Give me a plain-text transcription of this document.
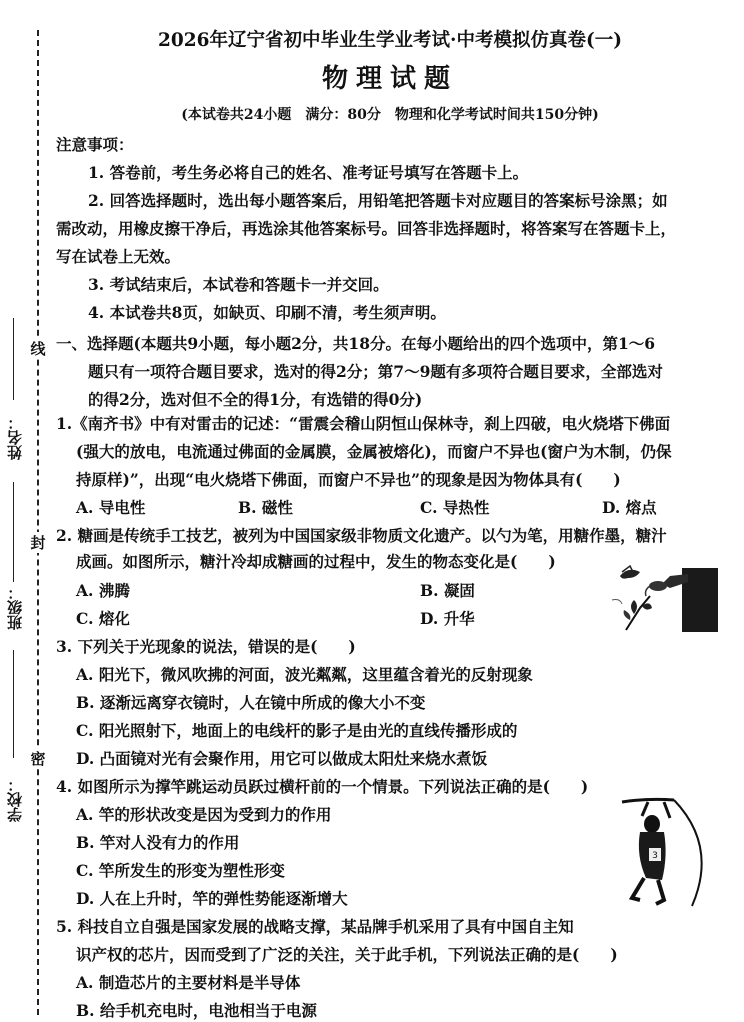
线
封
密
姓名：
班级：
学校：
2026年辽宁省初中毕业生学业考试·中考模拟仿真卷(一)
物理试题
(本试卷共24小题　满分：80分　物理和化学考试时间共150分钟)
注意事项：
1. 答卷前，考生务必将自己的姓名、准考证号填写在答题卡上。
2. 回答选择题时，选出每小题答案后，用铅笔把答题卡对应题目的答案标号涂黑；如
需改动，用橡皮擦干净后，再选涂其他答案标号。回答非选择题时，将答案写在答题卡上，
写在试卷上无效。
3. 考试结束后，本试卷和答题卡一并交回。
4. 本试卷共8页，如缺页、印刷不清，考生须声明。
一、选择题(本题共9小题，每小题2分，共18分。在每小题给出的四个选项中，第1～6
题只有一项符合题目要求，选对的得2分；第7～9题有多项符合题目要求，全部选对
的得2分，选对但不全的得1分，有选错的得0分)
1.《南齐书》中有对雷击的记述：“雷震会稽山阴恒山保林寺，刹上四破，电火烧塔下佛面
(强大的放电，电流通过佛面的金属膜，金属被熔化)，而窗户不异也(窗户为木制，仍保
持原样)”，出现“电火烧塔下佛面，而窗户不异也”的现象是因为物体具有(　　)
A. 导电性	B. 磁性	C. 导热性	D. 熔点
2. 糖画是传统手工技艺，被列为中国国家级非物质文化遗产。以勺为笔，用糖作墨，糖汁
成画。如图所示，糖汁冷却成糖画的过程中，发生的物态变化是(　　)
A. 沸腾	B. 凝固
C. 熔化	D. 升华
3. 下列关于光现象的说法，错误的是(　　)
A. 阳光下，微风吹拂的河面，波光粼粼，这里蕴含着光的反射现象
B. 逐渐远离穿衣镜时，人在镜中所成的像大小不变
C. 阳光照射下，地面上的电线杆的影子是由光的直线传播形成的
D. 凸面镜对光有会聚作用，用它可以做成太阳灶来烧水煮饭
4. 如图所示为撑竿跳运动员跃过横杆前的一个情景。下列说法正确的是(　　)
A. 竿的形状改变是因为受到力的作用
B. 竿对人没有力的作用
C. 竿所发生的形变为塑性形变
D. 人在上升时，竿的弹性势能逐渐增大
3
5. 科技自立自强是国家发展的战略支撑，某品牌手机采用了具有中国自主知
识产权的芯片，因而受到了广泛的关注，关于此手机，下列说法正确的是(　　)
A. 制造芯片的主要材料是半导体
B. 给手机充电时，电池相当于电源
